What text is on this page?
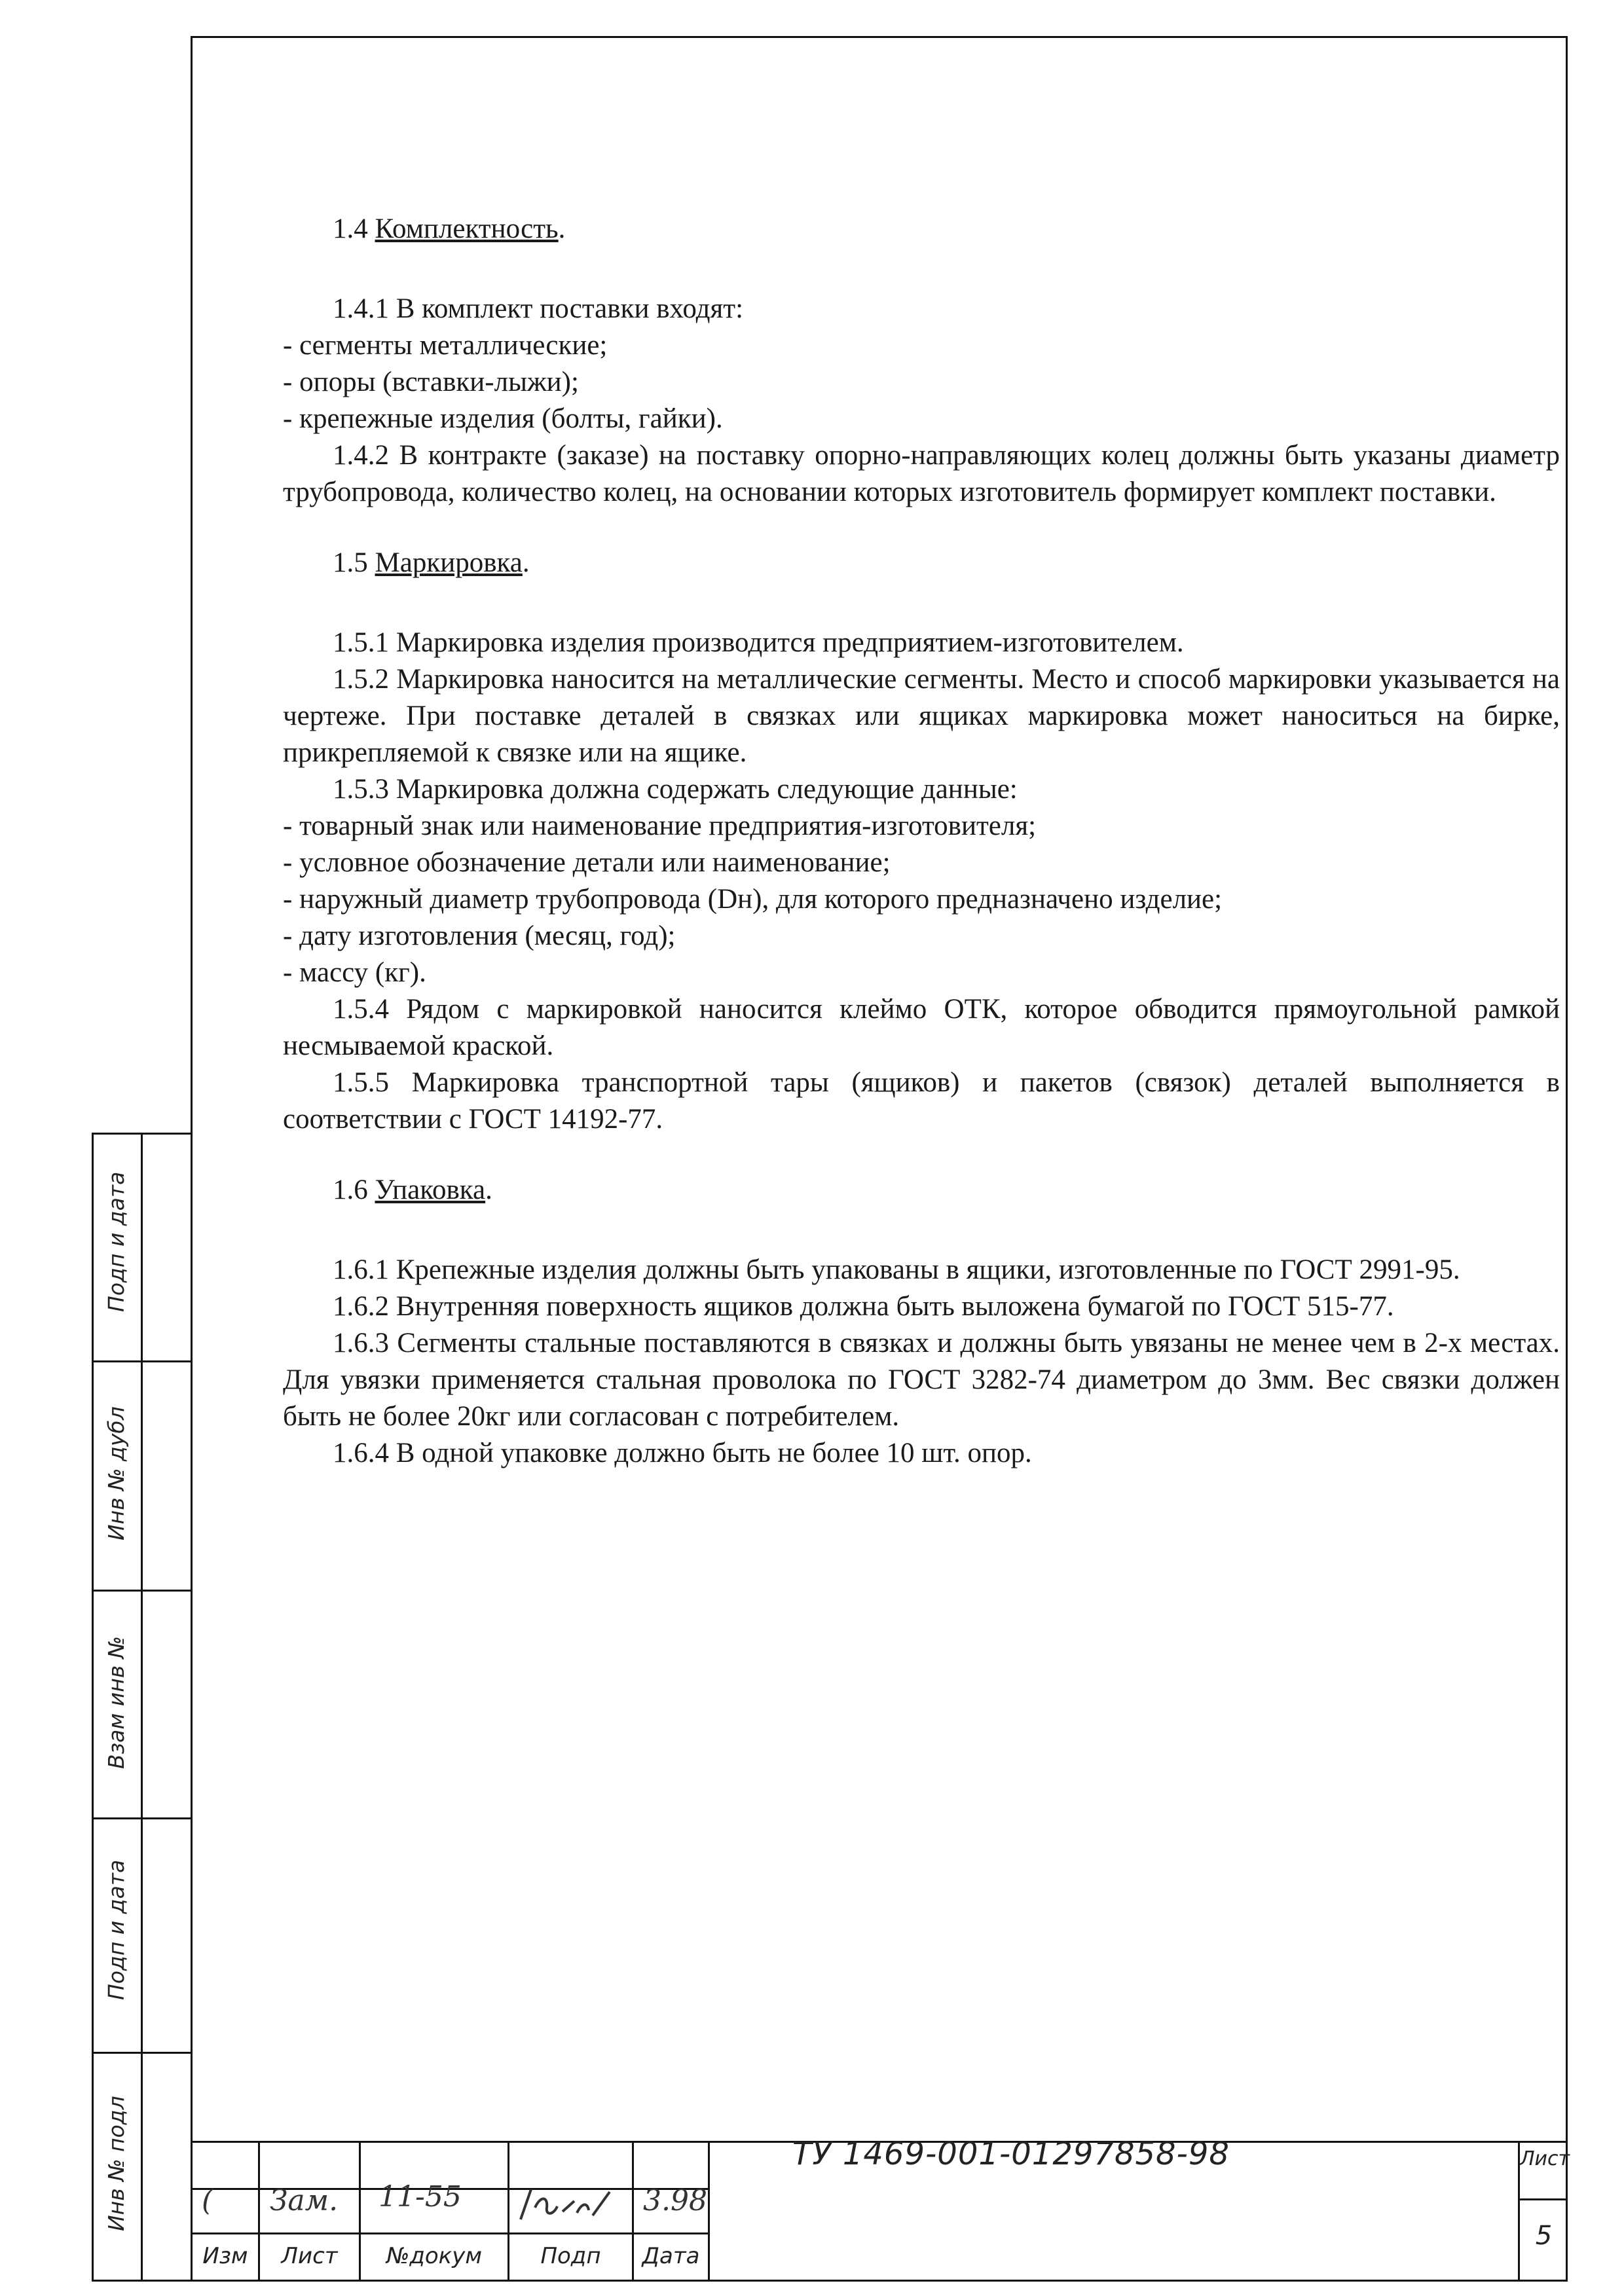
1.4 Комплектность.

1.4.1 В комплект поставки входят:

- сегменты металлические;

- опоры (вставки-лыжи);

- крепежные изделия (болты, гайки).

1.4.2 В контракте (заказе) на поставку опорно-направляющих колец должны быть указаны диаметр трубопровода, количество колец, на основании которых изготовитель формирует комплект поставки.

1.5 Маркировка.

1.5.1 Маркировка изделия производится предприятием-изготовителем.

1.5.2 Маркировка наносится на металлические сегменты. Место и способ маркировки указывается на чертеже. При поставке деталей в связках или ящиках маркировка может наноситься на бирке, прикрепляемой к связке или на ящике.

1.5.3 Маркировка должна содержать следующие данные:

- товарный знак или наименование предприятия-изготовителя;

- условное обозначение детали или наименование;

- наружный диаметр трубопровода (Dн), для которого предназначено изделие;

- дату изготовления (месяц, год);

- массу (кг).

1.5.4 Рядом с маркировкой наносится клеймо ОТК, которое обводится прямоугольной рамкой несмываемой краской.

1.5.5 Маркировка транспортной тары (ящиков) и пакетов (связок) деталей выполняется в соответствии с ГОСТ 14192-77.

1.6 Упаковка.

1.6.1 Крепежные изделия должны быть упакованы в ящики, изготовленные по ГОСТ 2991-95.

1.6.2 Внутренняя поверхность ящиков должна быть выложена бумагой по ГОСТ 515-77.

1.6.3 Сегменты стальные поставляются в связках и должны быть увязаны не менее чем в 2-х местах. Для увязки применяется стальная проволока по ГОСТ 3282-74 диаметром до 3мм. Вес связки должен быть не более 20кг или согласован с потребителем.

1.6.4 В одной упаковке должно быть не более 10 шт. опор.

Подп и дата
Инв № дубл
Взам инв №
Подп и дата
Инв № подл	( Зам. 11-55	3.98
Изм	Лист	№докум	Подп	Дата
ТУ 1469-001-01297858-98	Лист
5
